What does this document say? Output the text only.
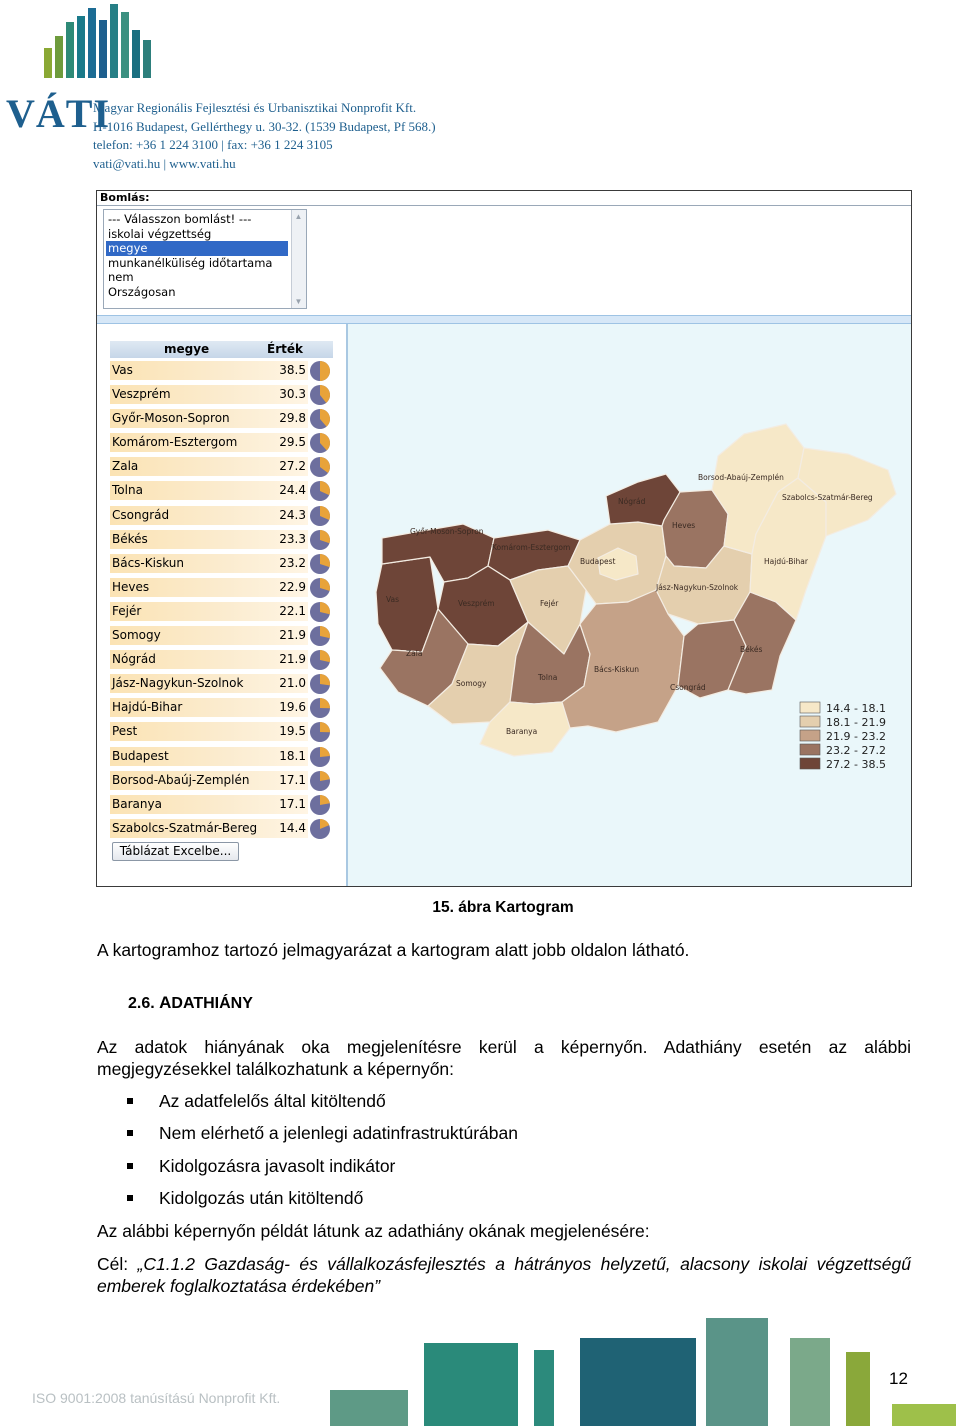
VÁTI
Magyar Regionális Fejlesztési és Urbanisztikai Nonprofit Kft.
H-1016 Budapest, Gellérthegy u. 30-32. (1539 Budapest, Pf 568.)
telefon: +36 1 224 3100 | fax: +36 1 224 3105
vati@vati.hu | www.vati.hu
Bomlás:
--- Válasszon bomlást! ---
iskolai végzettség
megye
munkanélküliség időtartama
nem
Országosan
▲
▼
megye	Érték
Vas	38.5
Veszprém	30.3
Győr-Moson-Sopron	29.8
Komárom-Esztergom	29.5
Zala	27.2
Tolna	24.4
Csongrád	24.3
Békés	23.3
Bács-Kiskun	23.2
Heves	22.9
Fejér	22.1
Somogy	21.9
Nógrád	21.9
Jász-Nagykun-Szolnok	21.0
Hajdú-Bihar	19.6
Pest	19.5
Budapest	18.1
Borsod-Abaúj-Zemplén 17.1
Baranya	17.1
Szabolcs-Szatmár-Bereg 14.4
Táblázat Excelbe...
Vas
Győr-Moson-Sopron
Komárom-Esztergom
Nógrád
Borsod-Abaúj-Zemplén
Szabolcs-Szatmár-Bereg
Heves
Budapest	Hajdú-Bihar
Jász-Nagykun-Szolnok
Veszprém	Fejér
Zala
Somogy
Tolna
Bács-Kiskun
Csongrád
Békés
Baranya
14.4 - 18.1
18.1 - 21.9
21.9 - 23.2
23.2 - 27.2
27.2 - 38.5
15. ábra Kartogram
A kartogramhoz tartozó jelmagyarázat a kartogram alatt jobb oldalon látható.
2.6. ADATHIÁNY
Az adatok hiányának oka megjelenítésre kerül a képernyőn. Adathiány esetén az alábbi megjegyzésekkel találkozhatunk a képernyőn:
Az adatfelelős által kitöltendő
Nem elérhető a jelenlegi adatinfrastruktúrában
Kidolgozásra javasolt indikátor
Kidolgozás után kitöltendő
Az alábbi képernyőn példát látunk az adathiány okának megjelenésére:
Cél: „C1.1.2 Gazdaság- és vállalkozásfejlesztés a hátrányos helyzetű, alacsony iskolai végzettségű emberek foglalkoztatása érdekében”
ISO 9001:2008 tanúsítású Nonprofit Kft.
12
